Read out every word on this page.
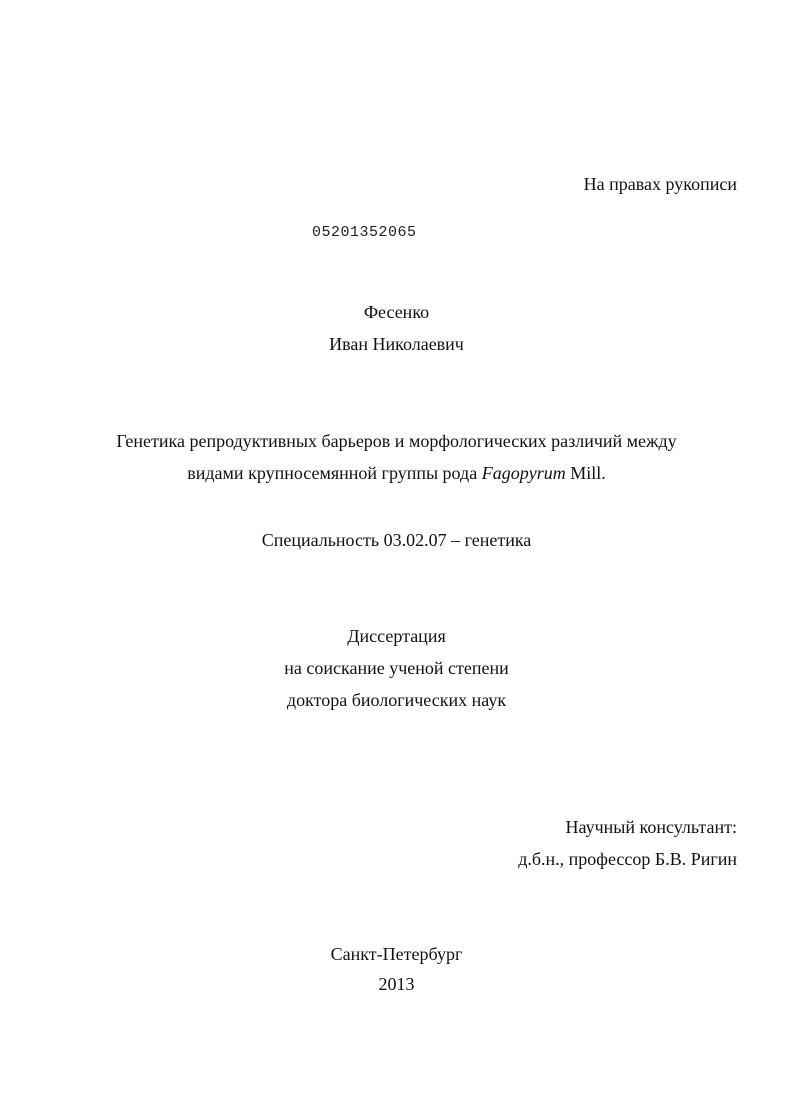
На правах рукописи
05201352065
Фесенко
Иван Николаевич
Генетика репродуктивных барьеров и морфологических различий между
видами крупносемянной группы рода Fagopyrum Mill.
Специальность 03.02.07 – генетика
Диссертация
на соискание ученой степени
доктора биологических наук
Научный консультант:
д.б.н., профессор Б.В. Ригин
Санкт-Петербург
2013
